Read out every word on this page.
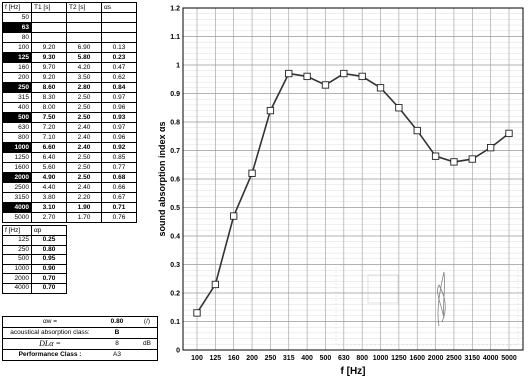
f [Hz]	T1 [s]	T2 [s]	αs
50			
63			
80			
100	9.20	6.90	0.13
125	9.30	5.80	0.23
160	9.70	4.20	0.47
200	9.20	3.50	0.62
250	8.60	2.80	0.84
315	8.30	2.50	0.97
400	8.00	2.50	0.96
500	7.50	2.50	0.93
630	7.20	2.40	0.97
800	7.10	2.40	0.96
1000	6.60	2.40	0.92
1250	6.40	2.50	0.85
1600	5.60	2.50	0.77
2000	4.90	2.50	0.68
2500	4.40	2.40	0.66
3150	3.80	2.20	0.67
4000	3.10	1.90	0.71
5000	2.70	1.70	0.76
f [Hz]	αp
125	0.25
250	0.80
500	0.95
1000	0.90
2000	0.70
4000	0.70
αw =	0.80	(/)
acoustical absorption class:	B
DLα =	8	dB
Performance Class :	A3	0
0.1
0.2
0.3
0.4
0.5
0.6
0.7
0.8
0.9
1
1.1
1.2
100 125 160 200 250 315 400 500 630 800 1000 1250 1600 2000 2500 3150 4000 5000
sound absorption index αs
f [Hz]
